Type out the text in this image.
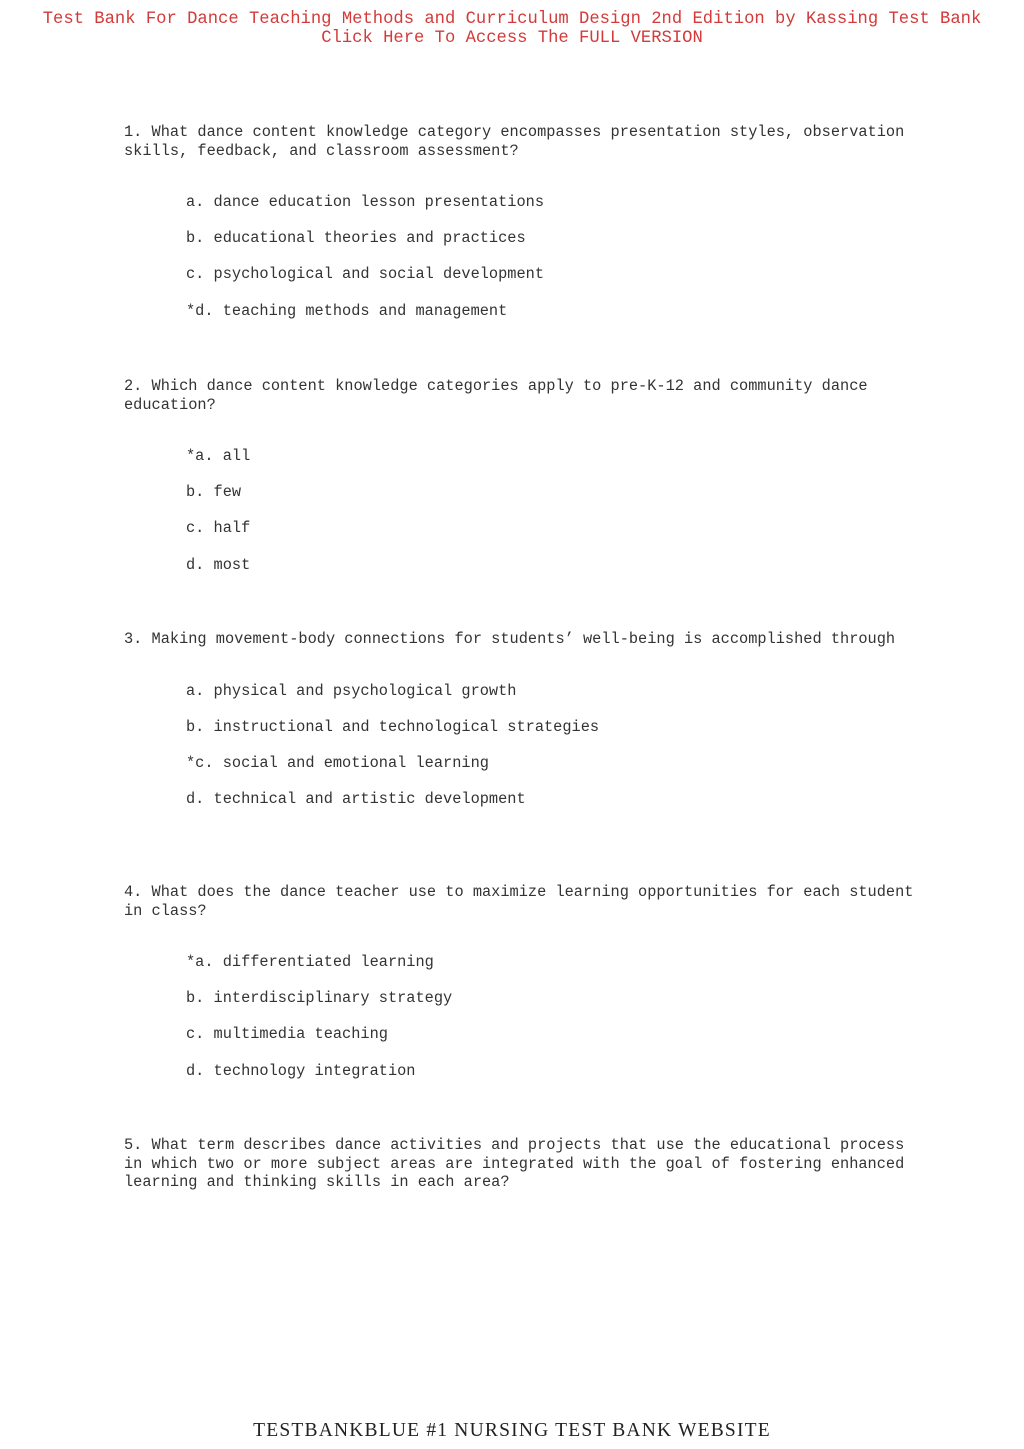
Test Bank For Dance Teaching Methods and Curriculum Design 2nd Edition by Kassing Test Bank Click Here To Access The FULL VERSION

1. What dance content knowledge category encompasses presentation styles, observation skills, feedback, and classroom assessment?

a. dance education lesson presentations
b. educational theories and practices
c. psychological and social development
*d. teaching methods and management

2. Which dance content knowledge categories apply to pre-K-12 and community dance education?

*a. all
b. few
c. half
d. most

3. Making movement-body connections for students’ well-being is accomplished through

a. physical and psychological growth
b. instructional and technological strategies
*c. social and emotional learning
d. technical and artistic development

4. What does the dance teacher use to maximize learning opportunities for each student in class?

*a. differentiated learning
b. interdisciplinary strategy
c. multimedia teaching
d. technology integration

5. What term describes dance activities and projects that use the educational process in which two or more subject areas are integrated with the goal of fostering enhanced learning and thinking skills in each area?

TESTBANKBLUE #1 NURSING TEST BANK WEBSITE
